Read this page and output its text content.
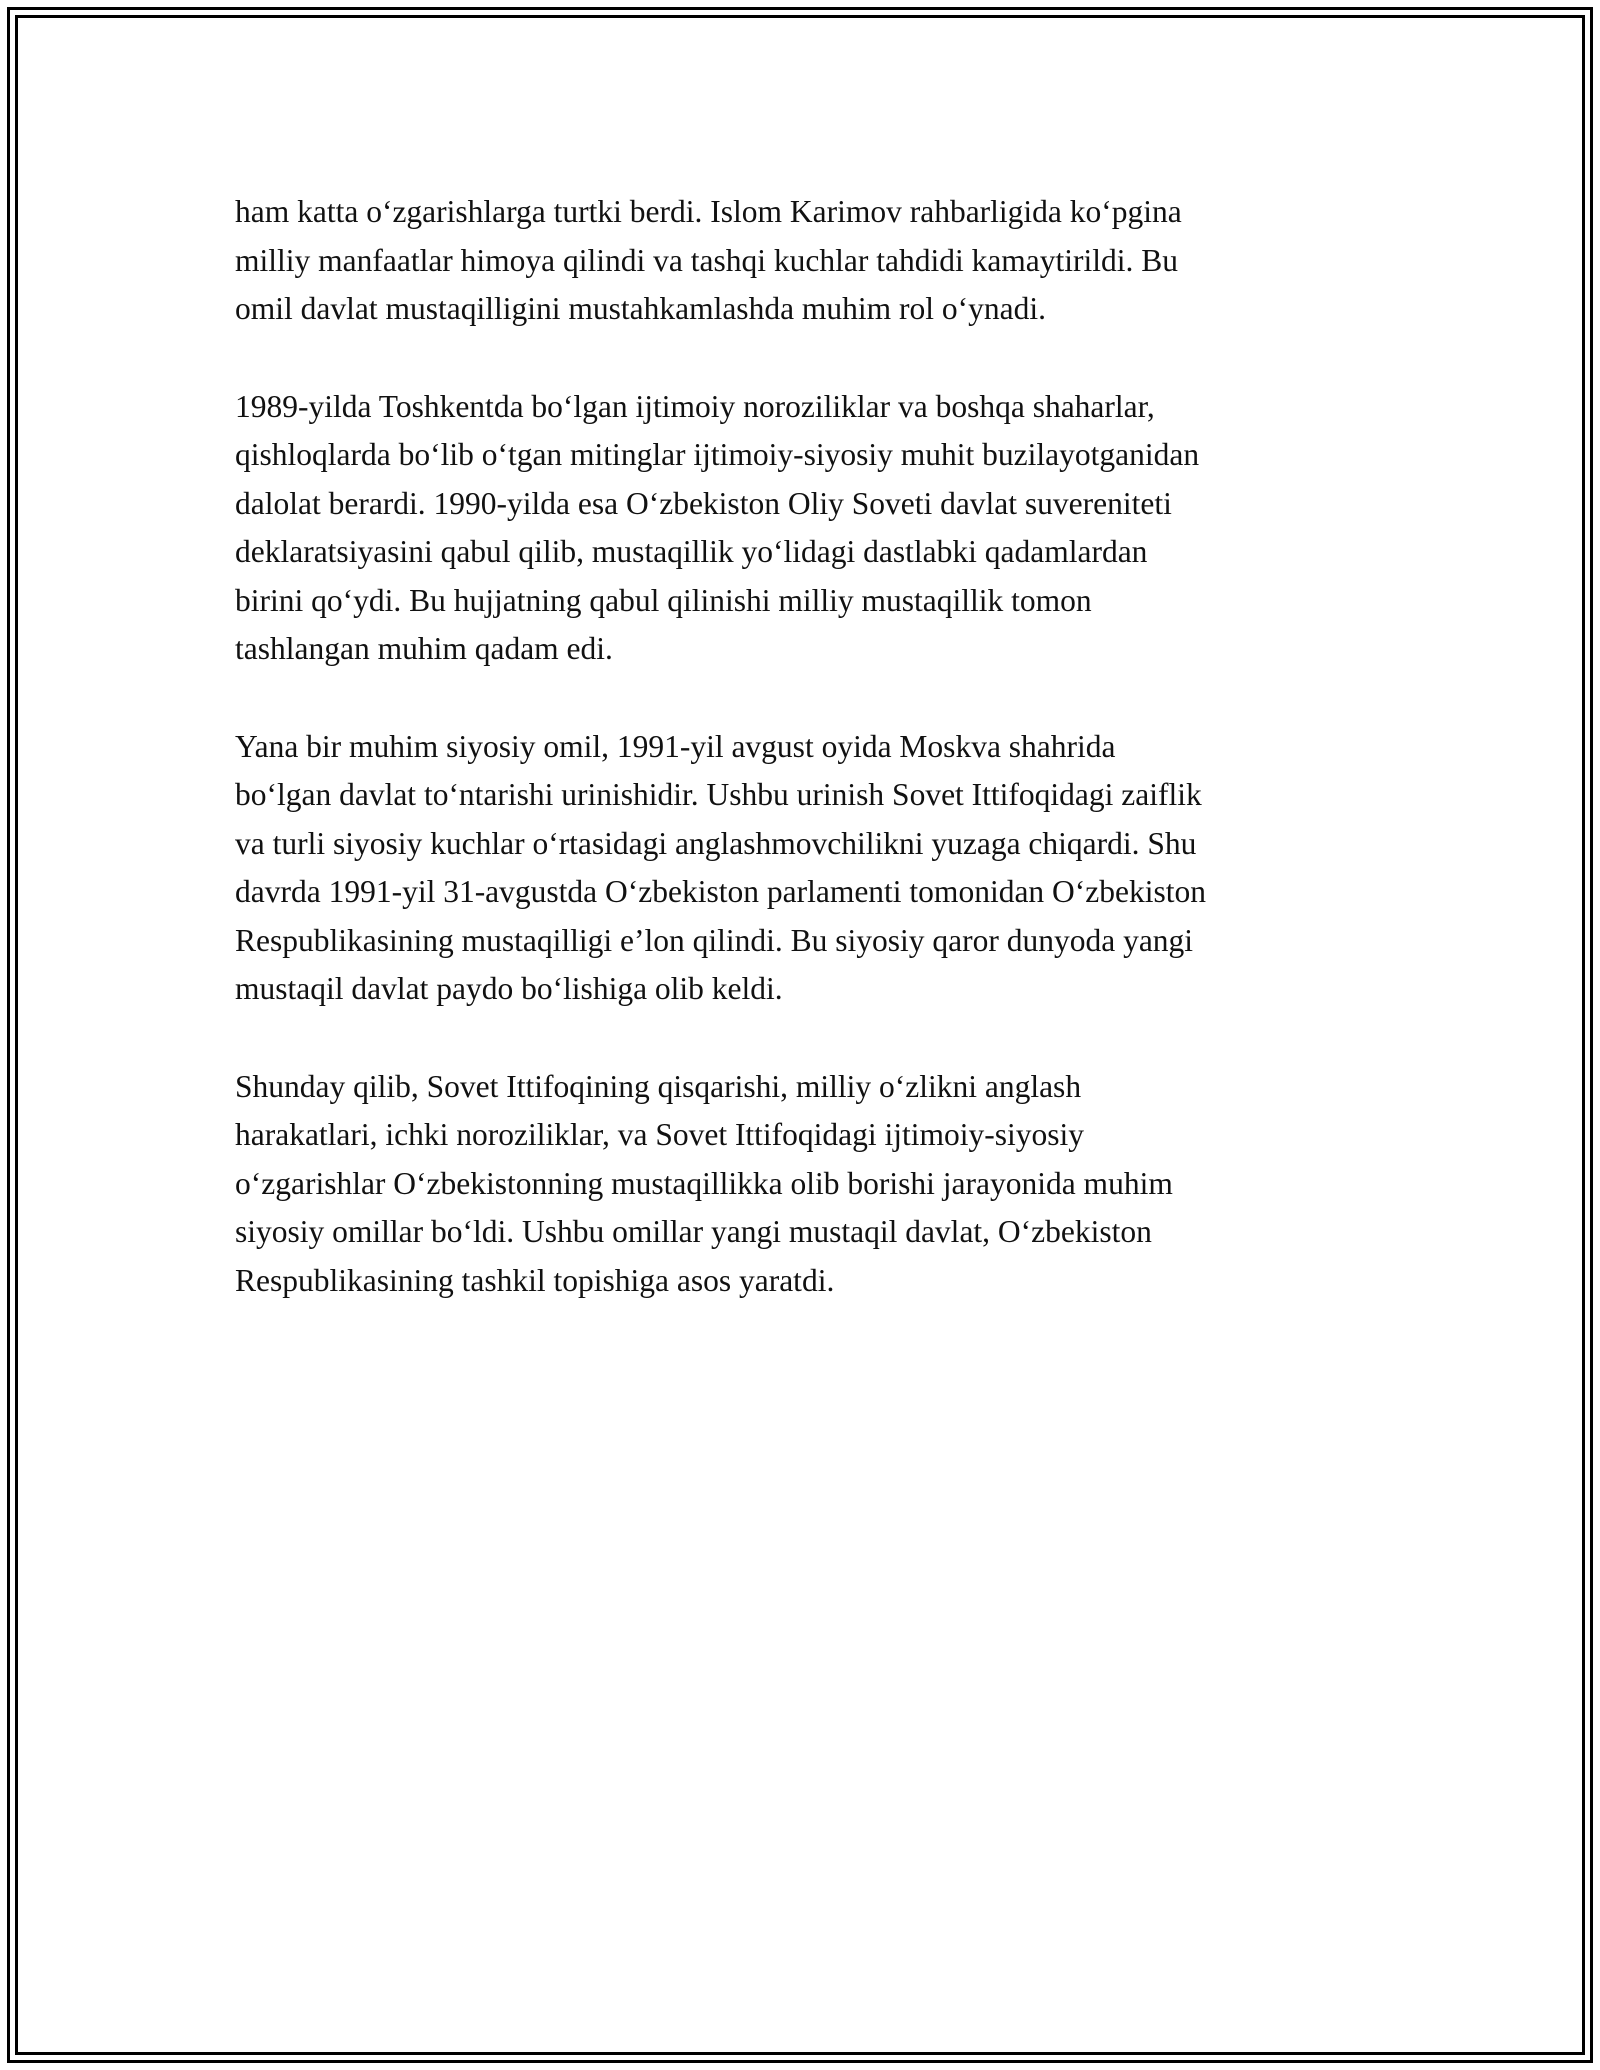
ham katta o‘zgarishlarga turtki berdi. Islom Karimov rahbarligida ko‘pgina
milliy manfaatlar himoya qilindi va tashqi kuchlar tahdidi kamaytirildi. Bu
omil davlat mustaqilligini mustahkamlashda muhim rol o‘ynadi.

1989-yilda Toshkentda bo‘lgan ijtimoiy noroziliklar va boshqa shaharlar,
qishloqlarda bo‘lib o‘tgan mitinglar ijtimoiy-siyosiy muhit buzilayotganidan
dalolat berardi. 1990-yilda esa O‘zbekiston Oliy Soveti davlat suvereniteti
deklaratsiyasini qabul qilib, mustaqillik yo‘lidagi dastlabki qadamlardan
birini qo‘ydi. Bu hujjatning qabul qilinishi milliy mustaqillik tomon
tashlangan muhim qadam edi.

Yana bir muhim siyosiy omil, 1991-yil avgust oyida Moskva shahrida
bo‘lgan davlat to‘ntarishi urinishidir. Ushbu urinish Sovet Ittifoqidagi zaiflik
va turli siyosiy kuchlar o‘rtasidagi anglashmovchilikni yuzaga chiqardi. Shu
davrda 1991-yil 31-avgustda O‘zbekiston parlamenti tomonidan O‘zbekiston
Respublikasining mustaqilligi e’lon qilindi. Bu siyosiy qaror dunyoda yangi
mustaqil davlat paydo bo‘lishiga olib keldi.

Shunday qilib, Sovet Ittifoqining qisqarishi, milliy o‘zlikni anglash
harakatlari, ichki noroziliklar, va Sovet Ittifoqidagi ijtimoiy-siyosiy
o‘zgarishlar O‘zbekistonning mustaqillikka olib borishi jarayonida muhim
siyosiy omillar bo‘ldi. Ushbu omillar yangi mustaqil davlat, O‘zbekiston
Respublikasining tashkil topishiga asos yaratdi.
